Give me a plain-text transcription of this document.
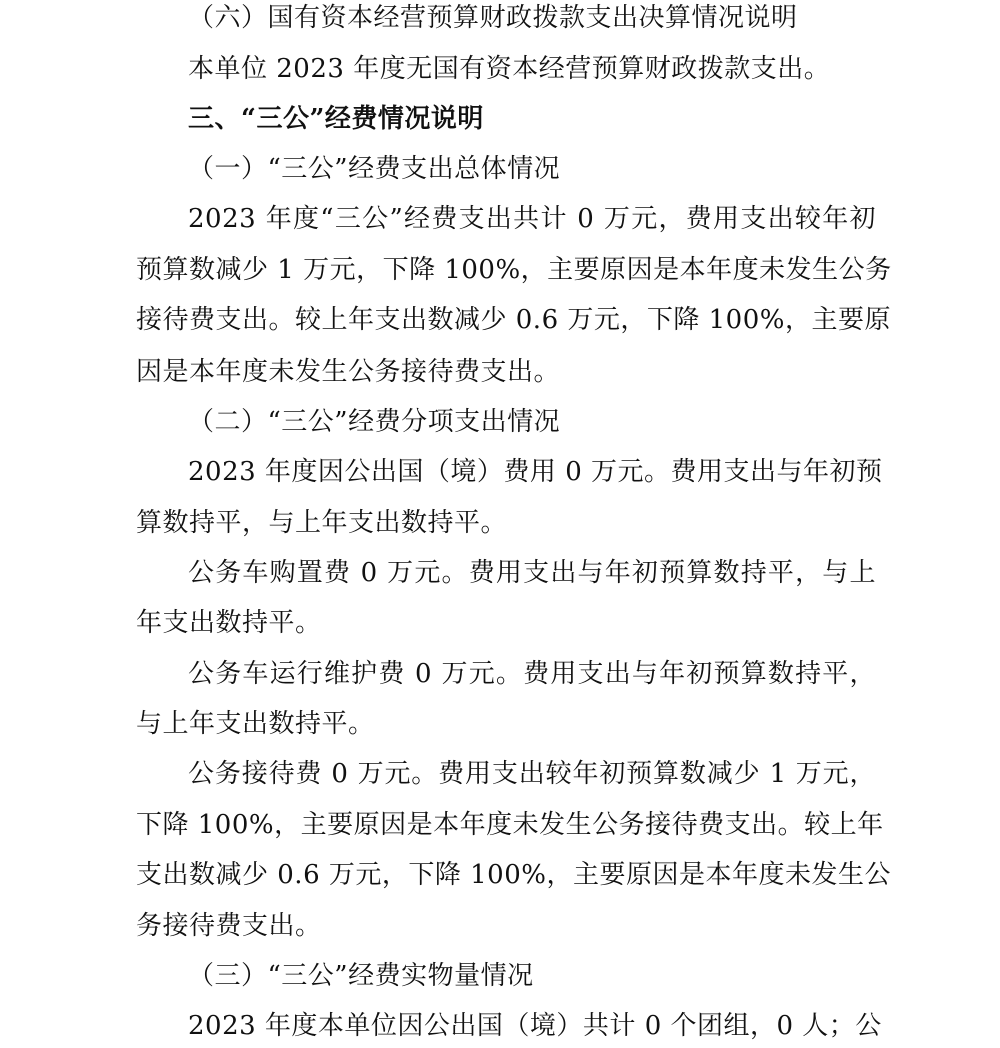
（六）国有资本经营预算财政拨款支出决算情况说明
本单位 2023 年度无国有资本经营预算财政拨款支出。
三、“三公”经费情况说明
（一）“三公”经费支出总体情况
2023 年度“三公”经费支出共计 0 万元，费用支出较年初
预算数减少 1 万元，下降 100%，主要原因是本年度未发生公务
接待费支出。较上年支出数减少 0.6 万元，下降 100%，主要原
因是本年度未发生公务接待费支出。
（二）“三公”经费分项支出情况
2023 年度因公出国（境）费用 0 万元。费用支出与年初预
算数持平，与上年支出数持平。
公务车购置费 0 万元。费用支出与年初预算数持平，与上
年支出数持平。
公务车运行维护费 0 万元。费用支出与年初预算数持平，
与上年支出数持平。
公务接待费 0 万元。费用支出较年初预算数减少 1 万元，
下降 100%，主要原因是本年度未发生公务接待费支出。较上年
支出数减少 0.6 万元，下降 100%，主要原因是本年度未发生公
务接待费支出。
（三）“三公”经费实物量情况
2023 年度本单位因公出国（境）共计 0 个团组，0 人；公
